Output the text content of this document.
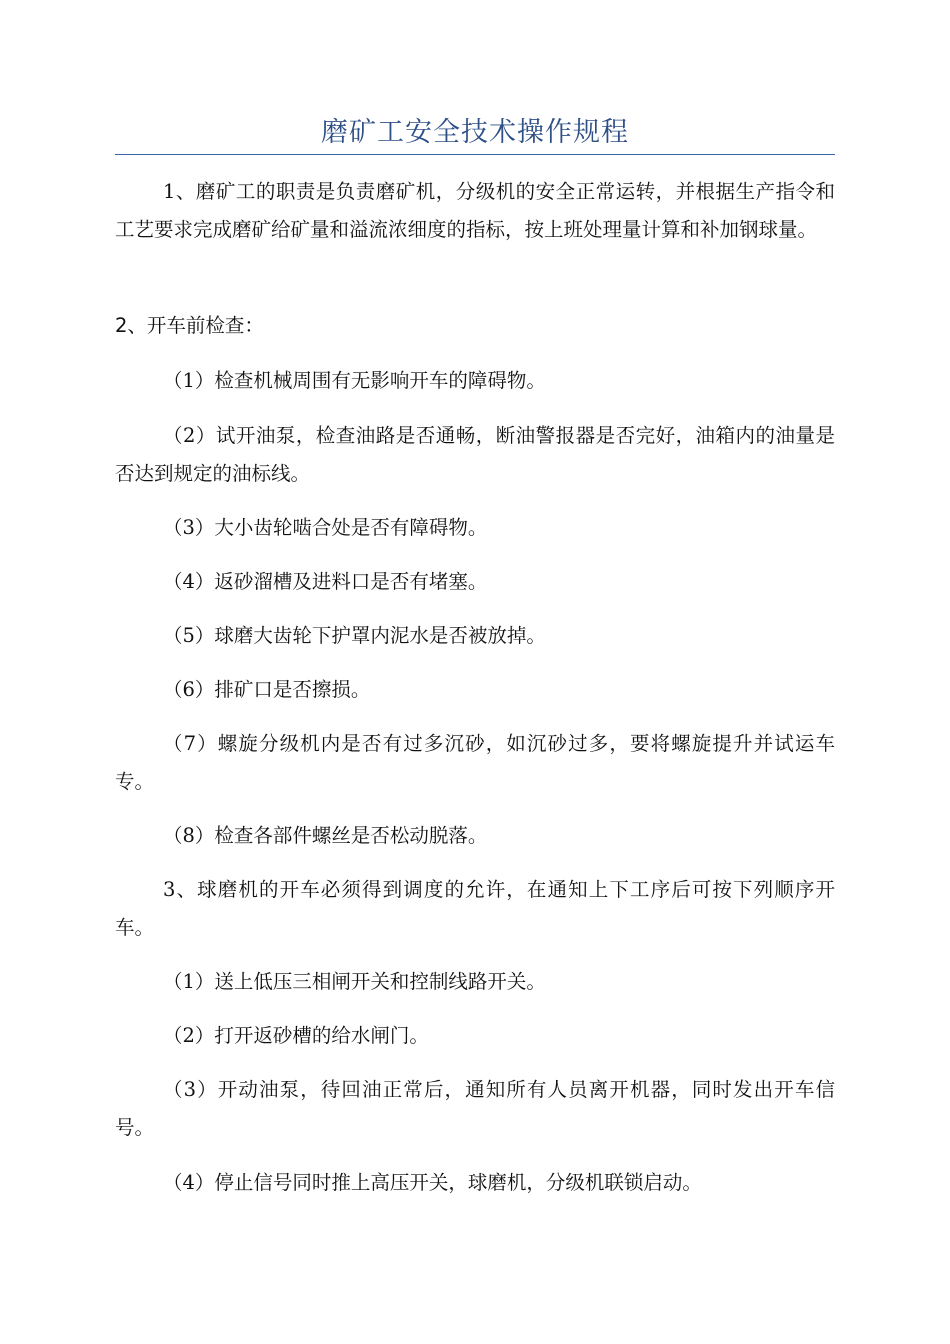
磨矿工安全技术操作规程

1、磨矿工的职责是负责磨矿机，分级机的安全正常运转，并根据生产指令和工艺要求完成磨矿给矿量和溢流浓细度的指标，按上班处理量计算和补加钢球量。

2、开车前检查：

（1）检查机械周围有无影响开车的障碍物。

（2）试开油泵，检查油路是否通畅，断油警报器是否完好，油箱内的油量是否达到规定的油标线。

（3）大小齿轮啮合处是否有障碍物。

（4）返砂溜槽及进料口是否有堵塞。

（5）球磨大齿轮下护罩内泥水是否被放掉。

（6）排矿口是否擦损。

（7）螺旋分级机内是否有过多沉砂，如沉砂过多，要将螺旋提升并试运车专。

（8）检查各部件螺丝是否松动脱落。

3、球磨机的开车必须得到调度的允许，在通知上下工序后可按下列顺序开车。

（1）送上低压三相闸开关和控制线路开关。

（2）打开返砂槽的给水闸门。

（3）开动油泵，待回油正常后，通知所有人员离开机器，同时发出开车信号。

（4）停止信号同时推上高压开关，球磨机，分级机联锁启动。
